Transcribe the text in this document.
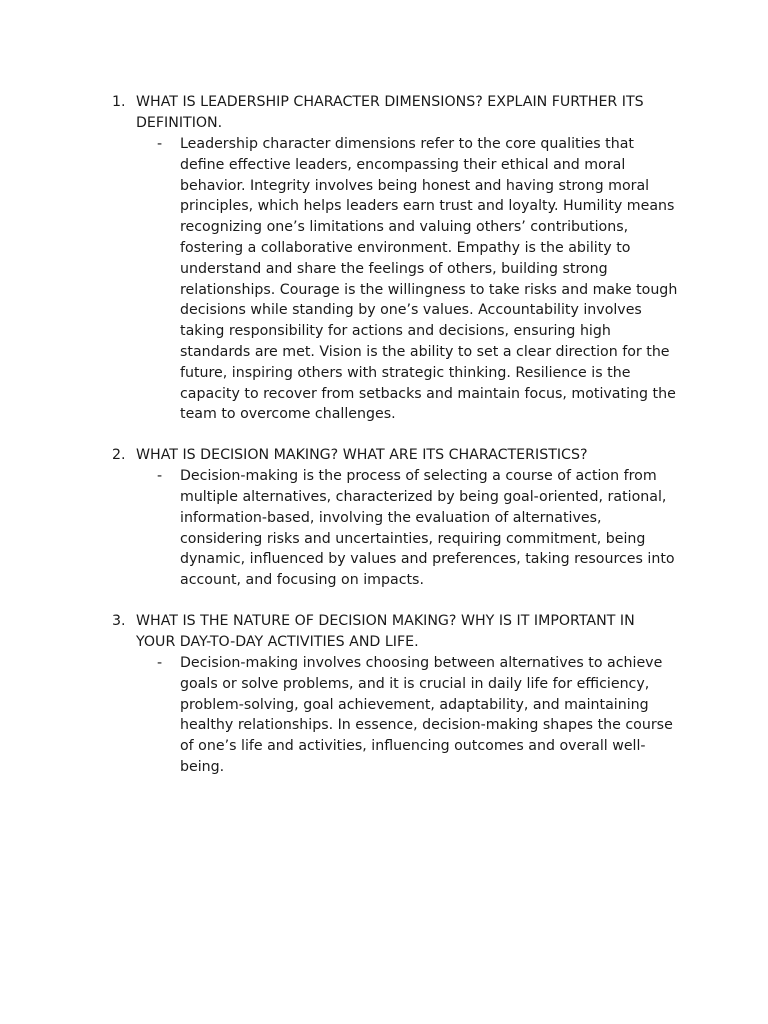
1. WHAT IS LEADERSHIP CHARACTER DIMENSIONS? EXPLAIN FURTHER ITS DEFINITION.
-	Leadership character dimensions refer to the core qualities that define effective leaders, encompassing their ethical and moral behavior. Integrity involves being honest and having strong moral principles, which helps leaders earn trust and loyalty. Humility means recognizing one’s limitations and valuing others’ contributions, fostering a collaborative environment. Empathy is the ability to understand and share the feelings of others, building strong relationships. Courage is the willingness to take risks and make tough decisions while standing by one’s values. Accountability involves taking responsibility for actions and decisions, ensuring high standards are met. Vision is the ability to set a clear direction for the future, inspiring others with strategic thinking. Resilience is the capacity to recover from setbacks and maintain focus, motivating the team to overcome challenges.
2. WHAT IS DECISION MAKING? WHAT ARE ITS CHARACTERISTICS?
-	Decision-making is the process of selecting a course of action from multiple alternatives, characterized by being goal-oriented, rational, information-based, involving the evaluation of alternatives, considering risks and uncertainties, requiring commitment, being dynamic, influenced by values and preferences, taking resources into account, and focusing on impacts.
3. WHAT IS THE NATURE OF DECISION MAKING? WHY IS IT IMPORTANT IN YOUR DAY-TO-DAY ACTIVITIES AND LIFE.
-	Decision-making involves choosing between alternatives to achieve goals or solve problems, and it is crucial in daily life for efficiency, problem-solving, goal achievement, adaptability, and maintaining healthy relationships. In essence, decision-making shapes the course of one’s life and activities, influencing outcomes and overall well-being.
